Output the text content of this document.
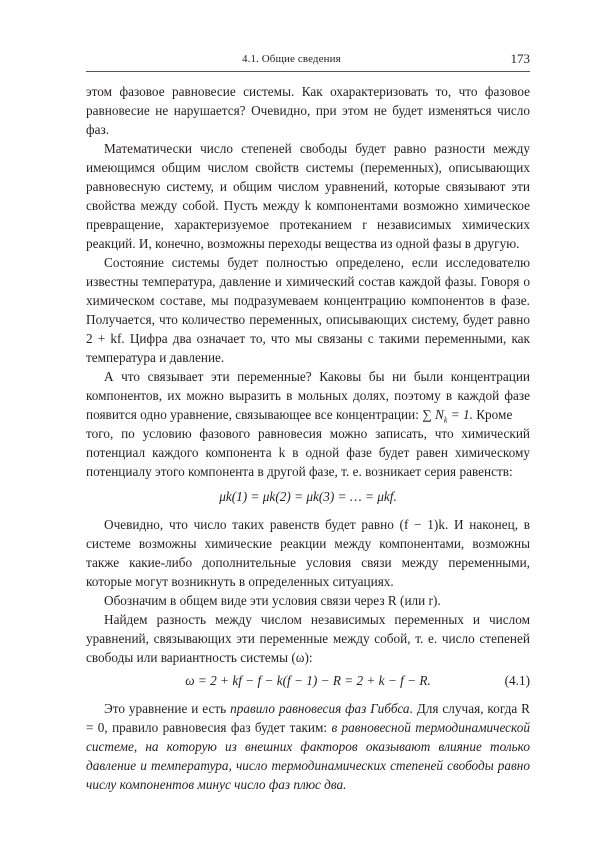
4.1. Общие сведения	173

этом фазовое равновесие системы. Как охарактеризовать то, что фазовое равновесие не нарушается? Очевидно, при этом не будет изменяться число фаз.

Математически число степеней свободы будет равно разности между имеющимся общим числом свойств системы (переменных), описывающих равновесную систему, и общим числом уравнений, которые связывают эти свойства между собой. Пусть между k компонентами возможно химическое превращение, характеризуемое протеканием r независимых химических реакций. И, конечно, возможны переходы вещества из одной фазы в другую.

Состояние системы будет полностью определено, если исследователю известны температура, давление и химический состав каждой фазы. Говоря о химическом составе, мы подразумеваем концентрацию компонентов в фазе. Получается, что количество переменных, описывающих систему, будет равно 2 + kf. Цифра два означает то, что мы связаны с такими переменными, как температура и давление.

А что связывает эти переменные? Каковы бы ни были концентрации компонентов, их можно выразить в мольных долях, поэтому в каждой фазе появится одно уравнение, связывающее все концентрации: ∑ $N_k = 1$. Кроме

того, по условию фазового равновесия можно записать, что химический потенциал каждого компонента k в одной фазе будет равен химическому потенциалу этого компонента в другой фазе, т. е. возникает серия равенств:

μk(1) = μk(2) = μk(3) = … = μkf.

Очевидно, что число таких равенств будет равно (f − 1)k. И наконец, в системе возможны химические реакции между компонентами, возможны также какие-либо дополнительные условия связи между переменными, которые могут возникнуть в определенных ситуациях.

Обозначим в общем виде эти условия связи через R (или r).

Найдем разность между числом независимых переменных и числом уравнений, связывающих эти переменные между собой, т. е. число степеней свободы или вариантность системы (ω):

ω = 2 + kf − f − k(f − 1) − R = 2 + k − f − R.	(4.1)

Это уравнение и есть правило равновесия фаз Гиббса. Для случая, когда R = 0, правило равновесия фаз будет таким: в равновесной термодинамической системе, на которую из внешних факторов оказывают влияние только давление и температура, число термодинамических степеней свободы равно числу компонентов минус число фаз плюс два.
